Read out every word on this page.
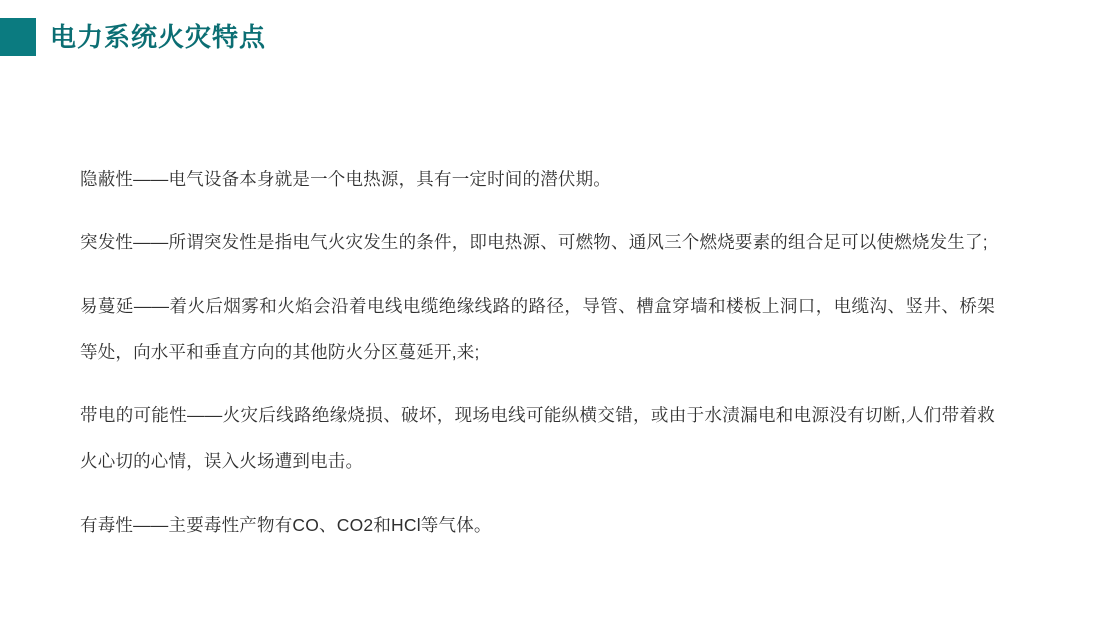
电力系统火灾特点

隐蔽性——电气设备本身就是一个电热源，具有一定时间的潜伏期。

突发性——所谓突发性是指电气火灾发生的条件，即电热源、可燃物、通风三个燃烧要素的组合足可以使燃烧发生了;

易蔓延——着火后烟雾和火焰会沿着电线电缆绝缘线路的路径，导管、槽盒穿墙和楼板上洞口，电缆沟、竖井、桥架等处，向水平和垂直方向的其他防火分区蔓延开,来;

带电的可能性——火灾后线路绝缘烧损、破坏，现场电线可能纵横交错，或由于水渍漏电和电源没有切断,人们带着救火心切的心情，误入火场遭到电击。

有毒性——主要毒性产物有CO、CO2和HCl等气体。
